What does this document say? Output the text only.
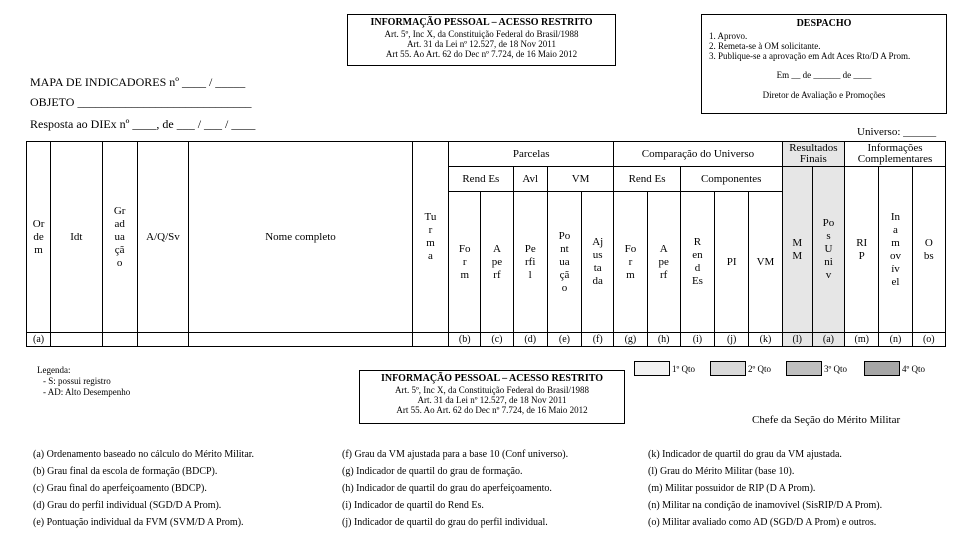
INFORMAÇÃO PESSOAL – ACESSO RESTRITO
Art. 5º, Inc X, da Constituição Federal do Brasil/1988
Art. 31 da Lei nº 12.527, de 18 Nov 2011
Art 55. Ao Art. 62 do Dec nº 7.724, de 16 Maio 2012
DESPACHO
1. Aprovo.
2. Remeta-se à OM solicitante.
3. Publique-se a aprovação em Adt Aces Rto/D A Prom.
Em __ de ______ de ____
Diretor de Avaliação e Promoções
MAPA DE INDICADORES nº ____ / _____
OBJETO _____________________________
Resposta ao DIEx nº ____, de ___ / ___ / ____
Universo: ______
Ordem	Idt	Graduação	A/Q/Sv	Nome completo	Turma	Parcelas					Comparação do Universo					Resultados Finais		Informações Complementares		
						Rend Es		Avl	VM		Rend Es		Componentes			MM	Pos Univ	RIP	Inamovível	Obs
						Form	Aperf	Perfil	Pontuação	Ajustada	Form	Aperf	Rend Es	PI	VM					
(a)						(b)	(c)	(d)	(e)	(f)	(g)	(h)	(i)	(j)	(k)	(l)	(a)	(m)	(n)	(o)
Legenda:
- S: possui registro
- AD: Alto Desempenho
INFORMAÇÃO PESSOAL – ACESSO RESTRITO
Art. 5º, Inc X, da Constituição Federal do Brasil/1988
Art. 31 da Lei nº 12.527, de 18 Nov 2011
Art 55. Ao Art. 62 do Dec nº 7.724, de 16 Maio 2012
1º Qto	2º Qto	3º Qto	4º Qto
Chefe da Seção do Mérito Militar
(a) Ordenamento baseado no cálculo do Mérito Militar.
(b) Grau final da escola de formação (BDCP).
(c) Grau final do aperfeiçoamento (BDCP).
(d) Grau do perfil individual (SGD/D A Prom).
(e) Pontuação individual da FVM (SVM/D A Prom).
(f) Grau da VM ajustada para a base 10 (Conf universo).
(g) Indicador de quartil do grau de formação.
(h) Indicador de quartil do grau do aperfeiçoamento.
(i) Indicador de quartil do Rend Es.
(j) Indicador de quartil do grau do perfil individual.
(k) Indicador de quartil do grau da VM ajustada.
(l) Grau do Mérito Militar (base 10).
(m) Militar possuidor de RIP (D A Prom).
(n) Militar na condição de inamovível (SisRIP/D A Prom).
(o) Militar avaliado como AD (SGD/D A Prom) e outros.
